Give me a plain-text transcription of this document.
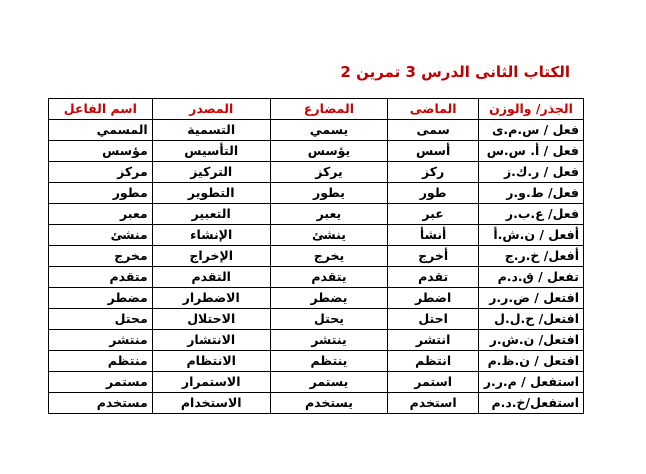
الكتاب الثانى الدرس 3 تمرين 2
الجذر/ والوزن	الماضى	المضارع	المصدر	اسم الفاعل
فعل / س.م.ى	سمى	يسمي	التسمية	المسمي
فعل / أ. س.س	أسس	يؤسس	التأسيس	مؤسس
فعل / ر.ك.ز	ركز	يركز	التركيز	مركز
فعل/ ط.و.ر	طور	يطور	التطوير	مطور
فعل/ ع.ب.ر	عبر	يعبر	التعبير	معبر
أفعل / ن.ش.أ	أنشأ	ينشئ	الإنشاء	منشئ
أفعل/ خ.ر.ج	أخرج	يخرج	الإخراج	مخرج
تفعل / ق.د.م	تقدم	يتقدم	التقدم	متقدم
افتعل / ض.ر.ر	اضطر	يضطر	الاضطرار	مضطر
افتعل/ ح.ل.ل	احتل	يحتل	الاحتلال	محتل
افتعل/ ن.ش.ر	انتشر	ينتشر	الانتشار	منتشر
افتعل / ن.ظ.م	انتظم	ينتظم	الانتظام	منتظم
استفعل / م.ر.ر	استمر	يستمر	الاستمرار	مستمر
استفعل/خ.د.م	استخدم	يستخدم	الاستخدام	مستخدم
